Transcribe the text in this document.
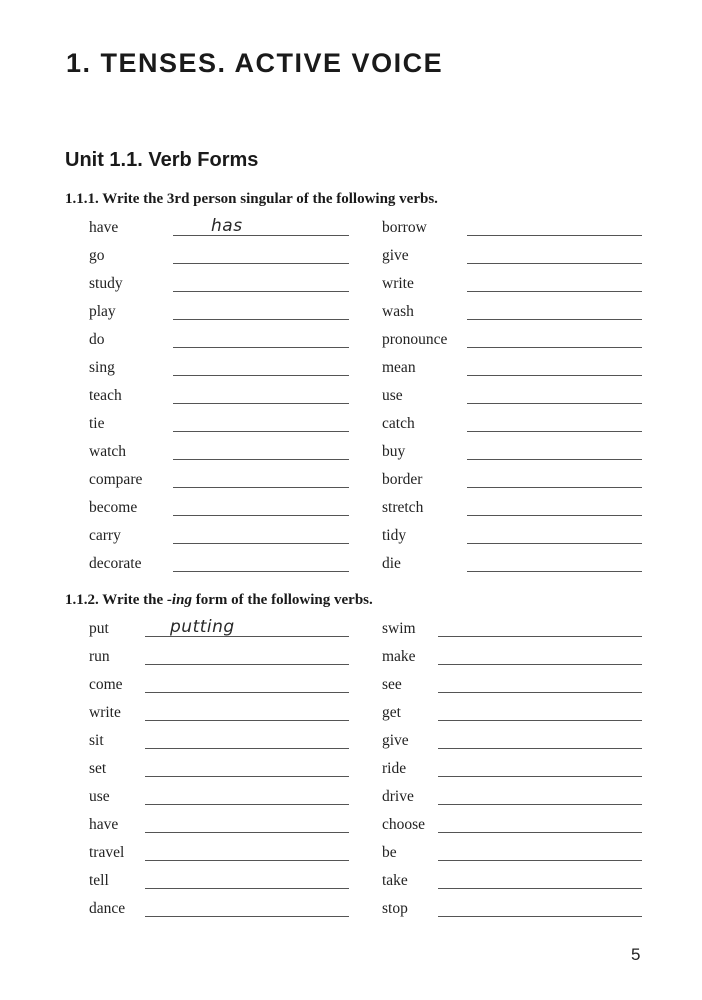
1. TENSES. ACTIVE VOICE
Unit 1.1. Verb Forms

1.1.1. Write the 3rd person singular of the following verbs.

have	has
go
study
play
do
sing
teach
tie
watch
compare
become
carry
decorate
borrow
give
write
wash
pronounce
mean
use
catch
buy
border
stretch
tidy
die

1.1.2. Write the -ing form of the following verbs.

put	putting
run
come
write
sit
set
use
have
travel
tell
dance
swim
make
see
get
give
ride
drive
choose
be
take
stop
5
